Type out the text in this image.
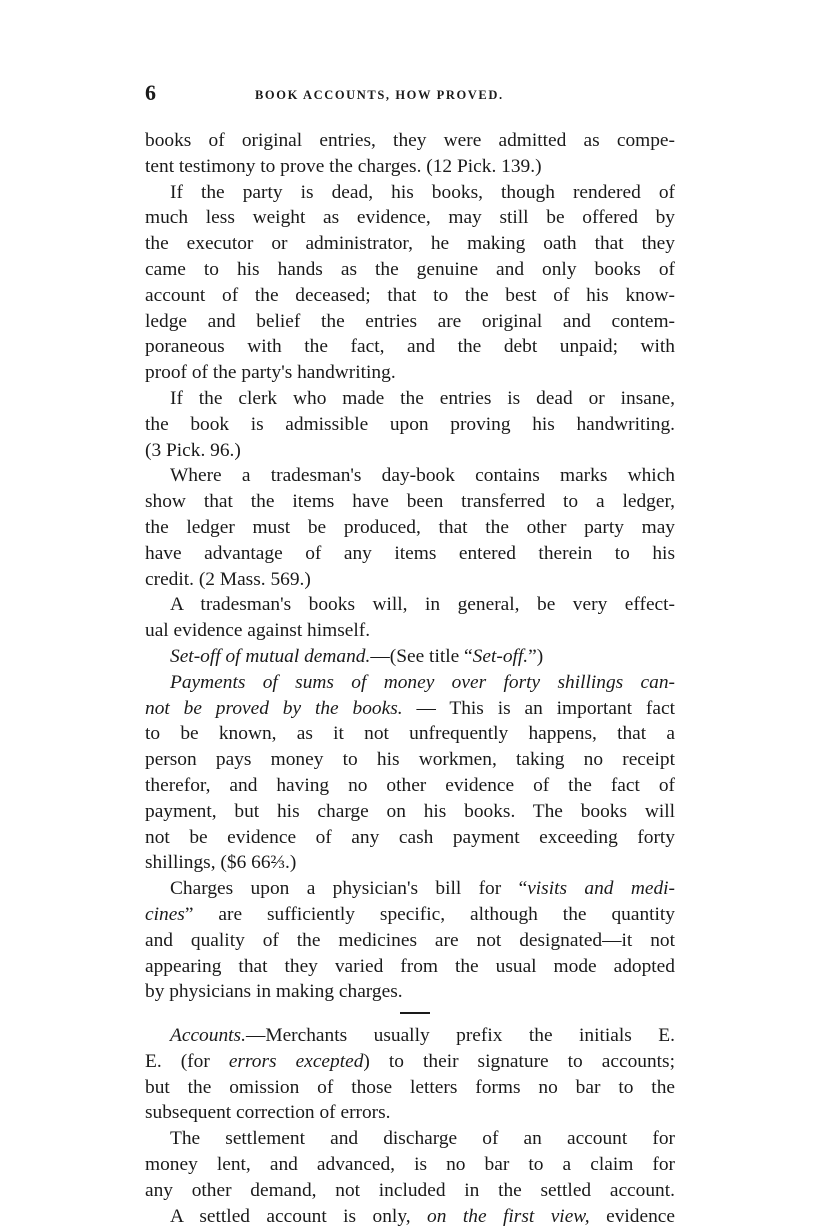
6	BOOK ACCOUNTS, HOW PROVED.
books of original entries, they were admitted as compe-
tent testimony to prove the charges. (12 Pick. 139.)
If the party is dead, his books, though rendered of
much less weight as evidence, may still be offered by
the executor or administrator, he making oath that they
came to his hands as the genuine and only books of
account of the deceased; that to the best of his know-
ledge and belief the entries are original and contem-
poraneous with the fact, and the debt unpaid; with
proof of the party's handwriting.
If the clerk who made the entries is dead or insane,
the book is admissible upon proving his handwriting.
(3 Pick. 96.)
Where a tradesman's day-book contains marks which
show that the items have been transferred to a ledger,
the ledger must be produced, that the other party may
have advantage of any items entered therein to his
credit. (2 Mass. 569.)
A tradesman's books will, in general, be very effect-
ual evidence against himself.
Set-off of mutual demand.—(See title “Set-off.”)
Payments of sums of money over forty shillings can-
not be proved by the books. — This is an important fact
to be known, as it not unfrequently happens, that a
person pays money to his workmen, taking no receipt
therefor, and having no other evidence of the fact of
payment, but his charge on his books. The books will
not be evidence of any cash payment exceeding forty
shillings, ($6 66⅔.)
Charges upon a physician's bill for “visits and medi-
cines” are sufficiently specific, although the quantity
and quality of the medicines are not designated—it not
appearing that they varied from the usual mode adopted
by physicians in making charges.
Accounts.—Merchants usually prefix the initials E.
E. (for errors excepted) to their signature to accounts;
but the omission of those letters forms no bar to the
subsequent correction of errors.
The settlement and discharge of an account for
money lent, and advanced, is no bar to a claim for
any other demand, not included in the settled account.
A settled account is only, on the first view, evidence
